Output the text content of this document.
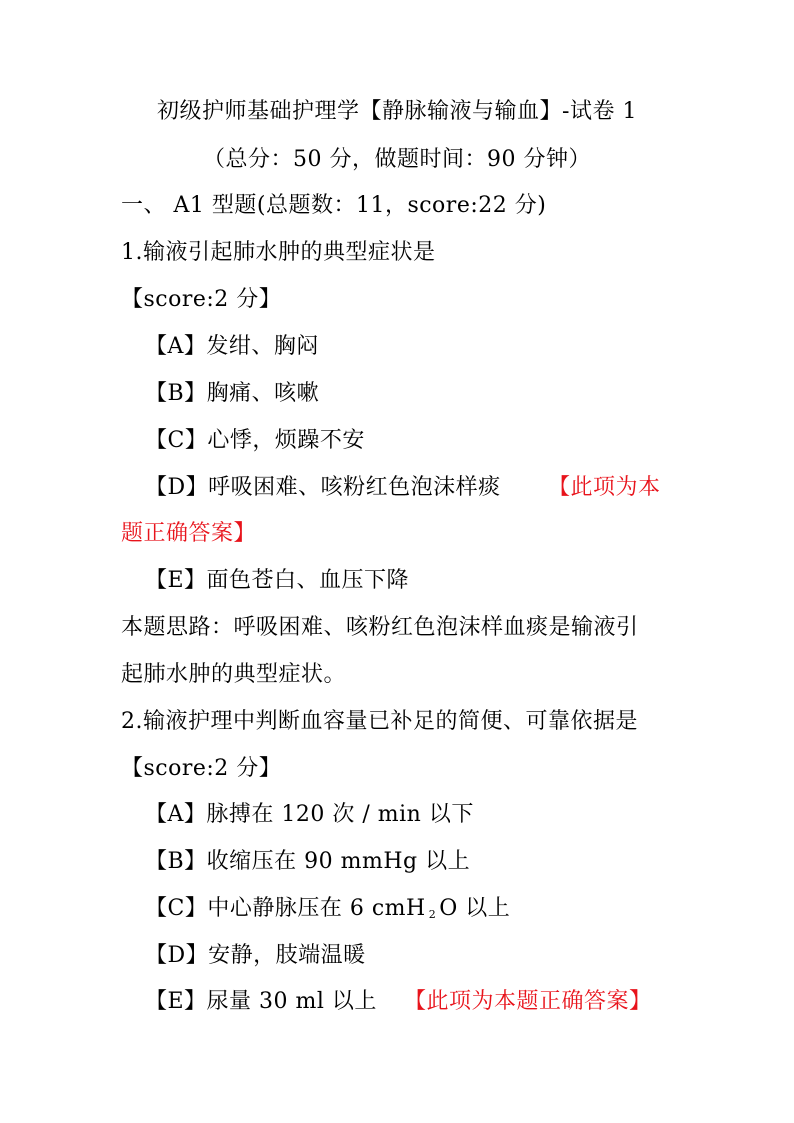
初级护师基础护理学【静脉输液与输血】-试卷 1
（总分：50 分，做题时间：90 分钟）
一、 A1 型题(总题数：11，score:22 分)
1.输液引起肺水肿的典型症状是
【score:2 分】
【A】发绀、胸闷
【B】胸痛、咳嗽
【C】心悸，烦躁不安
【D】呼吸困难、咳粉红色泡沫样痰 【此项为本
题正确答案】
【E】面色苍白、血压下降
本题思路：呼吸困难、咳粉红色泡沫样血痰是输液引
起肺水肿的典型症状。
2.输液护理中判断血容量已补足的简便、可靠依据是
【score:2 分】
【A】脉搏在 120 次 / min 以下
【B】收缩压在 90 mmHg 以上
【C】中心静脉压在 6 cmH $_2$ O 以上
【D】安静，肢端温暖
【E】尿量 30 ml 以上 【此项为本题正确答案】
